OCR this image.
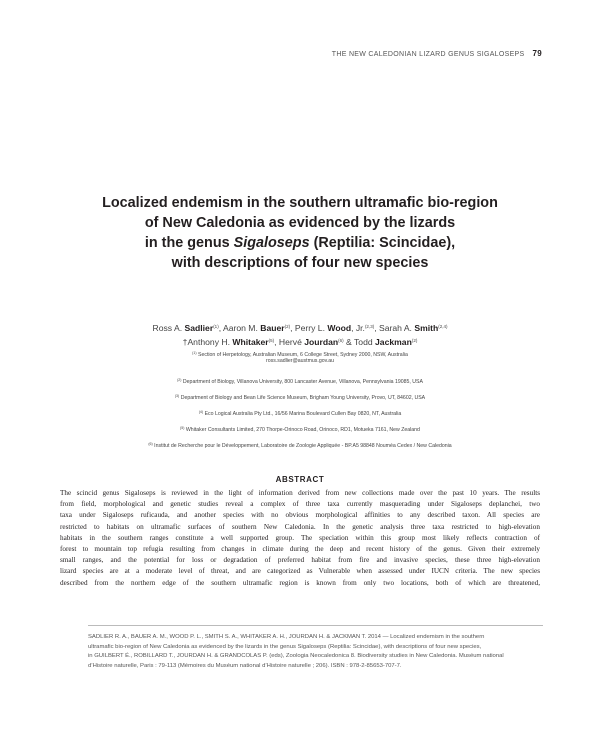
THE NEW CALEDONIAN LIZARD GENUS SIGALOSEPS 79
Localized endemism in the southern ultramafic bio-region
of New Caledonia as evidenced by the lizards
in the genus Sigaloseps (Reptilia: Scincidae),
with descriptions of four new species
Ross A. Sadlier$^{(1)}$, Aaron M. Bauer$^{(2)}$, Perry L. Wood, Jr.$^{(2,3)}$, Sarah A. Smith$^{(2,4)}$
†Anthony H. Whitaker$^{(5)}$, Hervé Jourdan$^{(6)}$ & Todd Jackman$^{(2)}$
$^{(1)}$ Section of Herpetology, Australian Museum, 6 College Street, Sydney 2000, NSW, Australia
ross.sadlier@austmus.gov.au
$^{(2)}$ Department of Biology, Villanova University, 800 Lancaster Avenue, Villanova, Pennsylvania 19085, USA
$^{(3)}$ Department of Biology and Bean Life Science Museum, Brigham Young University, Provo, UT, 84602, USA
$^{(4)}$ Eco Logical Australia Pty Ltd., 16/56 Marina Boulevard Cullen Bay 0820, NT, Australia
$^{(5)}$ Whitaker Consultants Limited, 270 Thorpe-Orinoco Road, Orinoco, RD1, Motueka 7161, New Zealand
$^{(6)}$ Institut de Recherche pour le Développement, Laboratoire de Zoologie Appliquée - BP.A5 98848 Nouméa Cedex / New Caledonia
ABSTRACT
The scincid genus Sigaloseps is reviewed in the light of information derived from new collections made over the past 10 years. The results
from field, morphological and genetic studies reveal a complex of three taxa currently masquerading under Sigaloseps deplanchei, two
taxa under Sigaloseps ruficauda, and another species with no obvious morphological affinities to any described taxon. All species are
restricted to habitats on ultramafic surfaces of southern New Caledonia. In the genetic analysis three taxa restricted to high-elevation
habitats in the southern ranges constitute a well supported group. The speciation within this group most likely reflects contraction of
forest to mountain top refugia resulting from changes in climate during the deep and recent history of the genus. Given their extremely
small ranges, and the potential for loss or degradation of preferred habitat from fire and invasive species, these three high-elevation
lizard species are at a moderate level of threat, and are categorized as Vulnerable when assessed under IUCN criteria. The new species
described from the northern edge of the southern ultramafic region is known from only two locations, both of which are threatened,
SADLIER R. A., BAUER A. M., WOOD P. L., SMITH S. A., WHITAKER A. H., JOURDAN H. & JACKMAN T. 2014 — Localized endemism in the southern
ultramafic bio-region of New Caledonia as evidenced by the lizards in the genus Sigaloseps (Reptilia: Scincidae), with descriptions of four new species,
in GUILBERT É., ROBILLARD T., JOURDAN H. & GRANDCOLAS P. (eds), Zoologia Neocaledonica 8. Biodiversity studies in New Caledonia. Muséum national
d’Histoire naturelle, Paris : 79-113 (Mémoires du Muséum national d’Histoire naturelle ; 206). ISBN : 978-2-85653-707-7.
